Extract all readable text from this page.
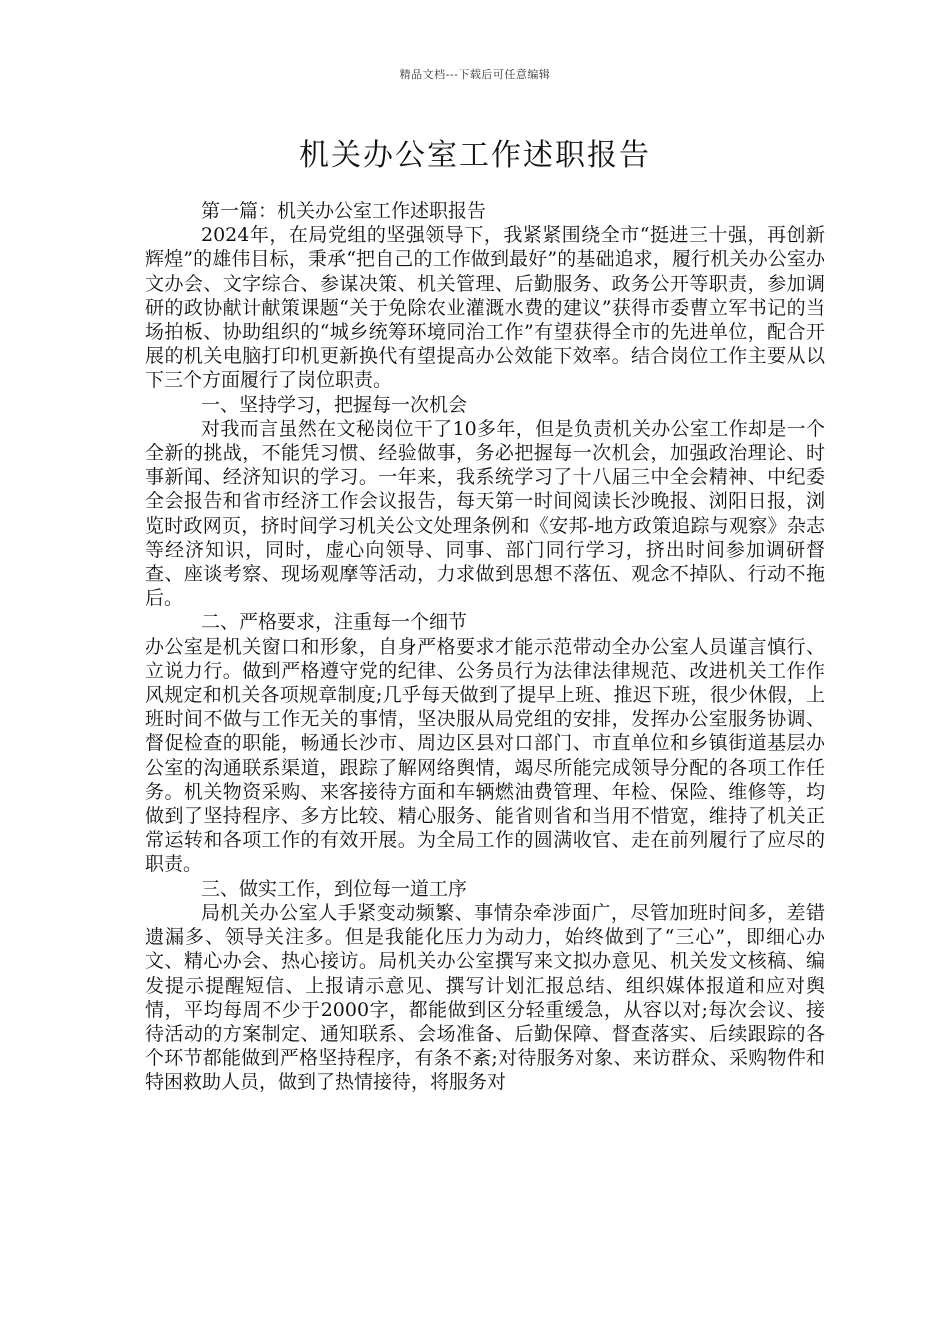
精品文档---下载后可任意编辑
机关办公室工作述职报告

第一篇：机关办公室工作述职报告

2024年，在局党组的坚强领导下，我紧紧围绕全市“挺进三十强，再创新辉煌”的雄伟目标，秉承“把自己的工作做到最好”的基础追求，履行机关办公室办文办会、文字综合、参谋决策、机关管理、后勤服务、政务公开等职责，参加调研的政协献计献策课题“关于免除农业灌溉水费的建议”获得市委曹立军书记的当场拍板、协助组织的“城乡统筹环境同治工作”有望获得全市的先进单位，配合开展的机关电脑打印机更新换代有望提高办公效能下效率。结合岗位工作主要从以下三个方面履行了岗位职责。

一、坚持学习，把握每一次机会

对我而言虽然在文秘岗位干了10多年，但是负责机关办公室工作却是一个全新的挑战，不能凭习惯、经验做事，务必把握每一次机会，加强政治理论、时事新闻、经济知识的学习。一年来，我系统学习了十八届三中全会精神、中纪委全会报告和省市经济工作会议报告，每天第一时间阅读长沙晚报、浏阳日报，浏览时政网页，挤时间学习机关公文处理条例和《安邦-地方政策追踪与观察》杂志等经济知识，同时，虚心向领导、同事、部门同行学习，挤出时间参加调研督查、座谈考察、现场观摩等活动，力求做到思想不落伍、观念不掉队、行动不拖后。

二、严格要求，注重每一个细节

办公室是机关窗口和形象，自身严格要求才能示范带动全办公室人员谨言慎行、立说力行。做到严格遵守党的纪律、公务员行为法律法律规范、改进机关工作作风规定和机关各项规章制度;几乎每天做到了提早上班、推迟下班，很少休假，上班时间不做与工作无关的事情，坚决服从局党组的安排，发挥办公室服务协调、督促检查的职能，畅通长沙市、周边区县对口部门、市直单位和乡镇街道基层办公室的沟通联系渠道，跟踪了解网络舆情，竭尽所能完成领导分配的各项工作任务。机关物资采购、来客接待方面和车辆燃油费管理、年检、保险、维修等，均做到了坚持程序、多方比较、精心服务、能省则省和当用不惜宽，维持了机关正常运转和各项工作的有效开展。为全局工作的圆满收官、走在前列履行了应尽的职责。

三、做实工作，到位每一道工序

局机关办公室人手紧变动频繁、事情杂牵涉面广，尽管加班时间多，差错遗漏多、领导关注多。但是我能化压力为动力，始终做到了“三心”，即细心办文、精心办会、热心接访。局机关办公室撰写来文拟办意见、机关发文核稿、编发提示提醒短信、上报请示意见、撰写计划汇报总结、组织媒体报道和应对舆情，平均每周不少于2000字，都能做到区分轻重缓急，从容以对;每次会议、接待活动的方案制定、通知联系、会场准备、后勤保障、督查落实、后续跟踪的各个环节都能做到严格坚持程序，有条不紊;对待服务对象、来访群众、采购物件和特困救助人员，做到了热情接待，将服务对
